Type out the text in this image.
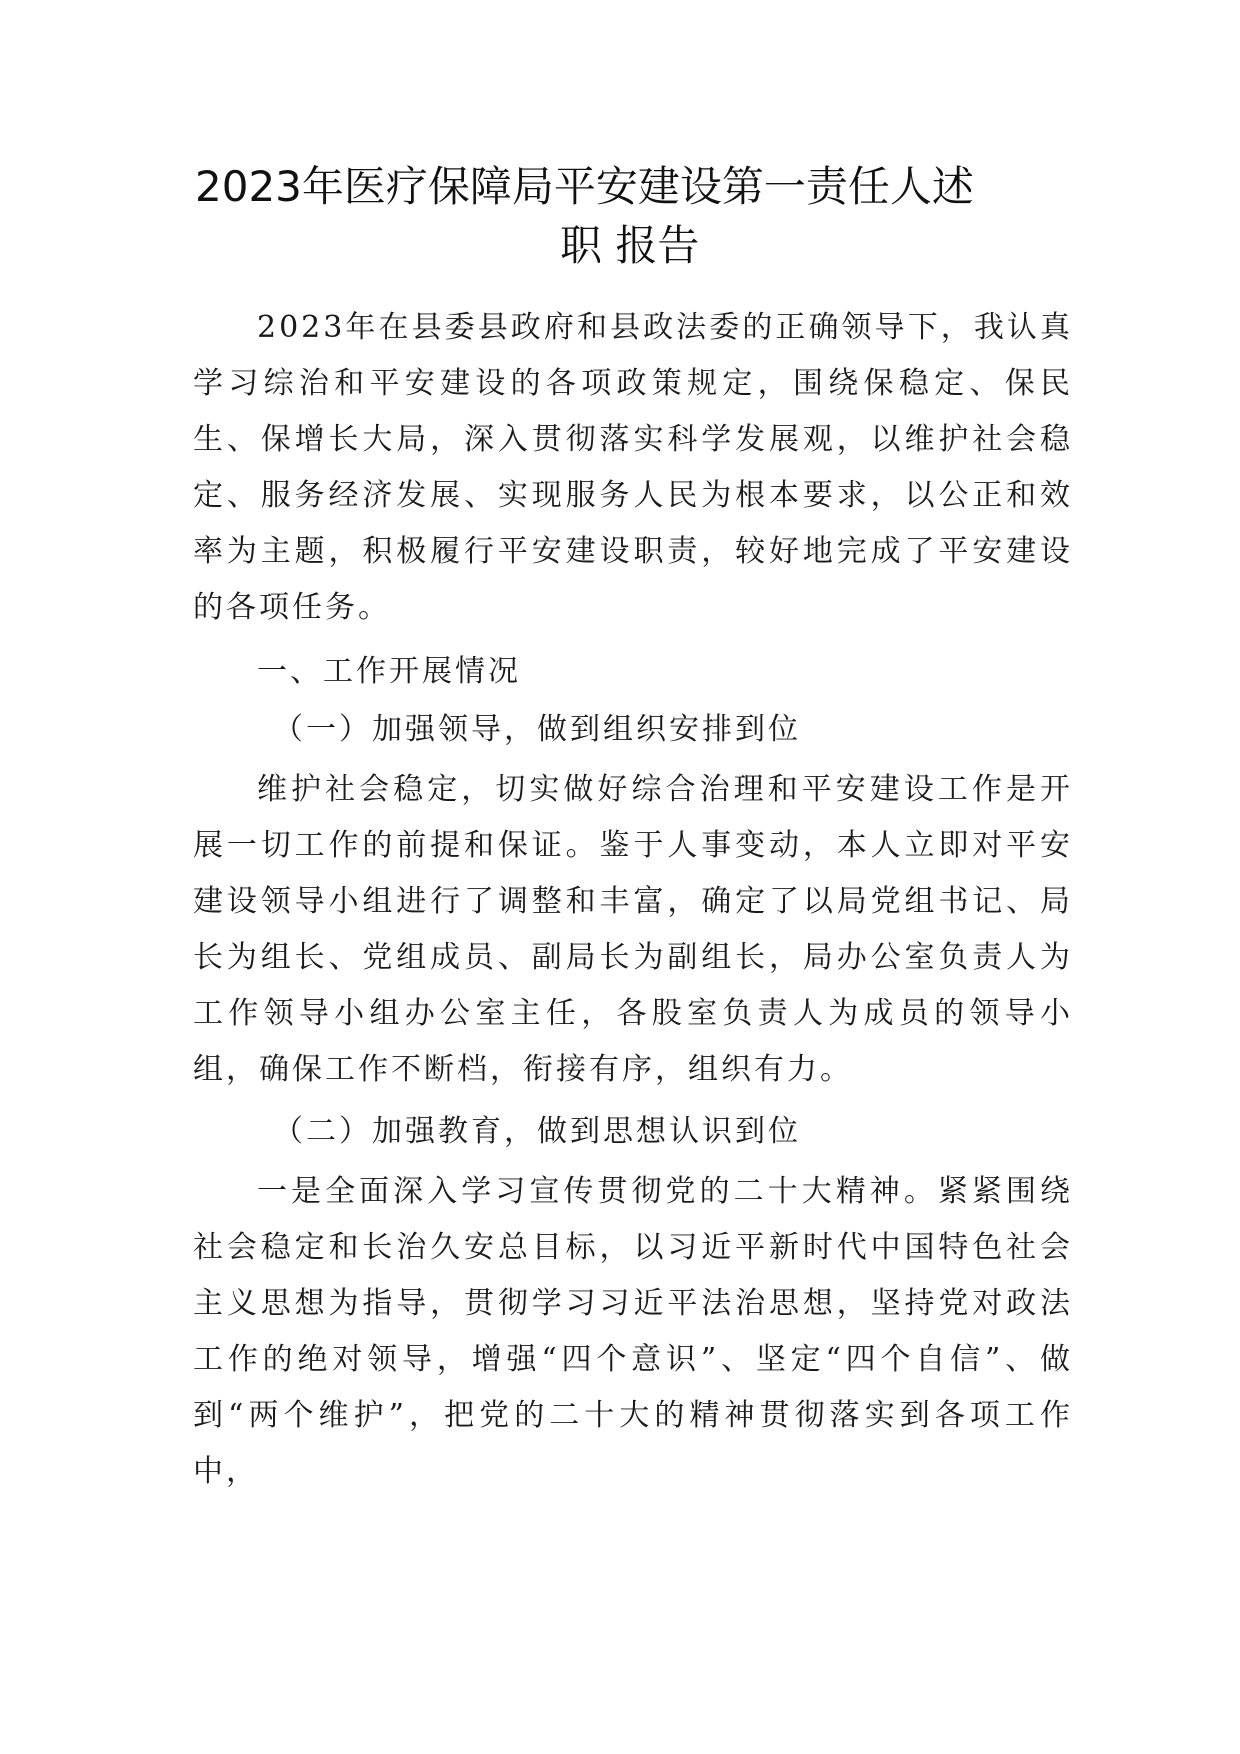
2023年医疗保障局平安建设第一责任人述
职 报告

2023年在县委县政府和县政法委的正确领导下，我认真学习综治和平安建设的各项政策规定，围绕保稳定、保民生、保增长大局，深入贯彻落实科学发展观，以维护社会稳定、服务经济发展、实现服务人民为根本要求，以公正和效率为主题，积极履行平安建设职责，较好地完成了平安建设的各项任务。

一、工作开展情况

（一）加强领导，做到组织安排到位

维护社会稳定，切实做好综合治理和平安建设工作是开展一切工作的前提和保证。鉴于人事变动，本人立即对平安建设领导小组进行了调整和丰富，确定了以局党组书记、局长为组长、党组成员、副局长为副组长，局办公室负责人为工作领导小组办公室主任，各股室负责人为成员的领导小组，确保工作不断档，衔接有序，组织有力。

（二）加强教育，做到思想认识到位

一是全面深入学习宣传贯彻党的二十大精神。紧紧围绕社会稳定和长治久安总目标，以习近平新时代中国特色社会主义思想为指导，贯彻学习习近平法治思想，坚持党对政法工作的绝对领导，增强“四个意识”、坚定“四个自信”、做到“两个维护”，把党的二十大的精神贯彻落实到各项工作中，
